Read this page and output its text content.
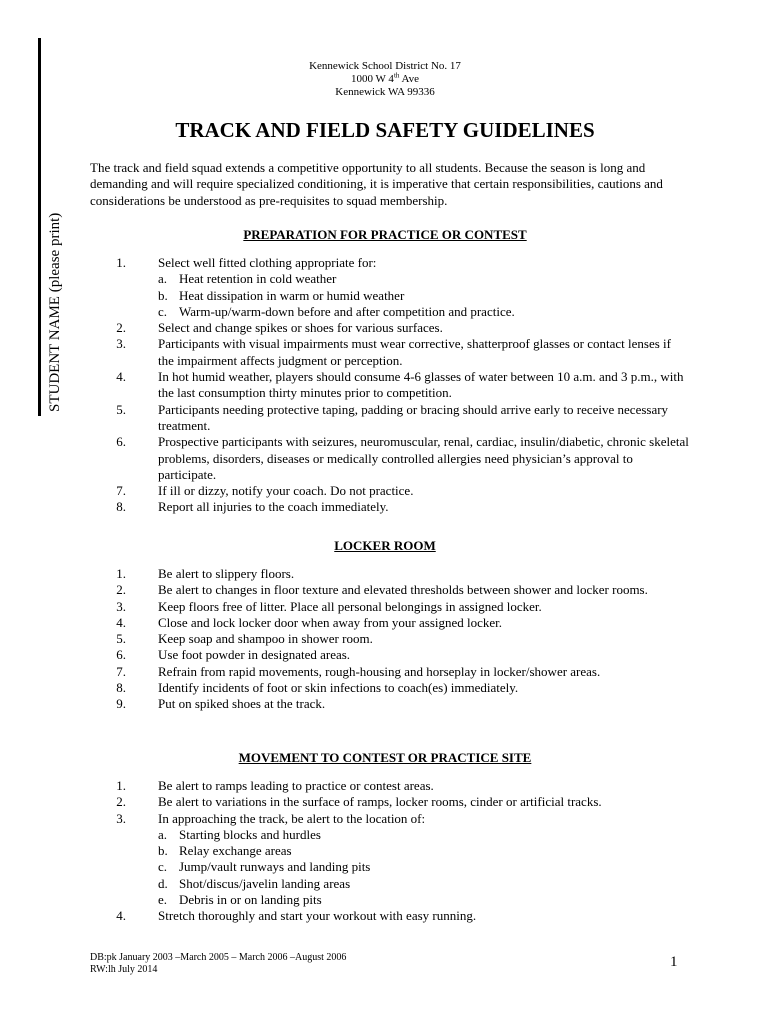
STUDENT NAME (please print)
Kennewick School District No. 17
1000 W 4th Ave
Kennewick WA 99336
TRACK AND FIELD SAFETY GUIDELINES
The track and field squad extends a competitive opportunity to all students. Because the season is long and demanding and will require specialized conditioning, it is imperative that certain responsibilities, cautions and considerations be understood as pre-requisites to squad membership.
PREPARATION FOR PRACTICE OR CONTEST
1. Select well fitted clothing appropriate for:
a. Heat retention in cold weather
b. Heat dissipation in warm or humid weather
c. Warm-up/warm-down before and after competition and practice.
2. Select and change spikes or shoes for various surfaces.
3. Participants with visual impairments must wear corrective, shatterproof glasses or contact lenses if the impairment affects judgment or perception.
4. In hot humid weather, players should consume 4-6 glasses of water between 10 a.m. and 3 p.m., with the last consumption thirty minutes prior to competition.
5. Participants needing protective taping, padding or bracing should arrive early to receive necessary treatment.
6. Prospective participants with seizures, neuromuscular, renal, cardiac, insulin/diabetic, chronic skeletal problems, disorders, diseases or medically controlled allergies need physician’s approval to participate.
7. If ill or dizzy, notify your coach. Do not practice.
8. Report all injuries to the coach immediately.
LOCKER ROOM
1. Be alert to slippery floors.
2. Be alert to changes in floor texture and elevated thresholds between shower and locker rooms.
3. Keep floors free of litter. Place all personal belongings in assigned locker.
4. Close and lock locker door when away from your assigned locker.
5. Keep soap and shampoo in shower room.
6. Use foot powder in designated areas.
7. Refrain from rapid movements, rough-housing and horseplay in locker/shower areas.
8. Identify incidents of foot or skin infections to coach(es) immediately.
9. Put on spiked shoes at the track.
MOVEMENT TO CONTEST OR PRACTICE SITE
1. Be alert to ramps leading to practice or contest areas.
2. Be alert to variations in the surface of ramps, locker rooms, cinder or artificial tracks.
3. In approaching the track, be alert to the location of:
a. Starting blocks and hurdles
b. Relay exchange areas
c. Jump/vault runways and landing pits
d. Shot/discus/javelin landing areas
e. Debris in or on landing pits
4. Stretch thoroughly and start your workout with easy running.
DB:pk January 2003 –March 2005 – March 2006 –August 2006
RW:lh July 2014	1
